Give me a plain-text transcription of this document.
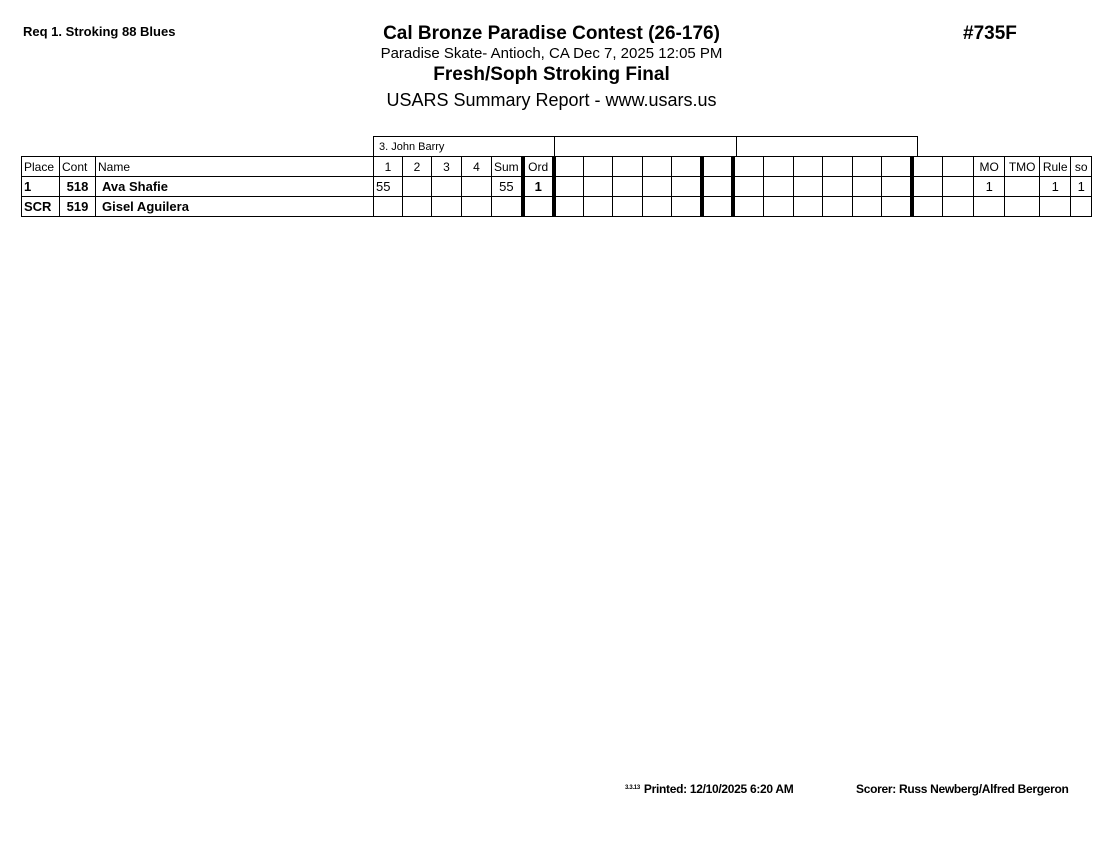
Req 1. Stroking 88 Blues	Cal Bronze Paradise Contest (26-176)
Paradise Skate- Antioch, CA Dec 7, 2025 12:05 PM
Fresh/Soph Stroking Final
USARS Summary Report - www.usars.us
#735F
3. John Barry		
Place	Cont	Name	1	2	3	4	Sum	Ord															MO	TMO	Rule	so
1	518	Ava Shafie	55				55	1															1		1	1
SCR	519	Gisel Aguilera																								
$^{3.3.13}$ Printed: 12/10/2025 6:20 AM	Scorer: Russ Newberg/Alfred Bergeron
